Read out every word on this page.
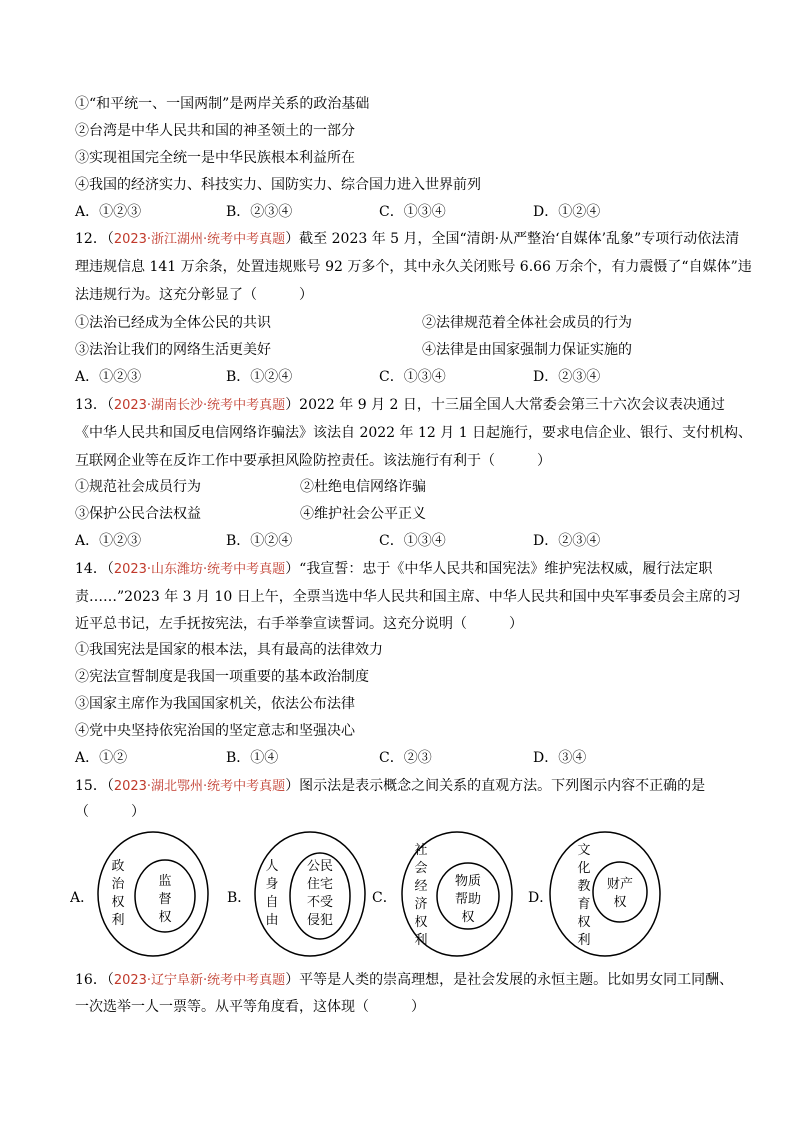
①“和平统一、一国两制”是两岸关系的政治基础
②台湾是中华人民共和国的神圣领土的一部分
③实现祖国完全统一是中华民族根本利益所在
④我国的经济实力、科技实力、国防实力、综合国力进入世界前列
A．①②③	B．②③④	C．①③④	D．①②④
12．（2023·浙江湖州·统考中考真题）截至 2023 年 5 月，全国“清朗·从严整治‘自媒体’乱象”专项行动依法清
理违规信息 141 万余条，处置违规账号 92 万多个，其中永久关闭账号 6.66 万余个，有力震慑了“自媒体”违
法违规行为。这充分彰显了（　　　）
①法治已经成为全体公民的共识	②法律规范着全体社会成员的行为
③法治让我们的网络生活更美好	④法律是由国家强制力保证实施的
A．①②③	B．①②④	C．①③④	D．②③④
13．（2023·湖南长沙·统考中考真题）2022 年 9 月 2 日，十三届全国人大常委会第三十六次会议表决通过
《中华人民共和国反电信网络诈骗法》该法自 2022 年 12 月 1 日起施行，要求电信企业、银行、支付机构、
互联网企业等在反诈工作中要承担风险防控责任。该法施行有利于（　　　）
①规范社会成员行为	②杜绝电信网络诈骗
③保护公民合法权益	④维护社会公平正义
A．①②③	B．①②④	C．①③④	D．②③④
14．（2023·山东潍坊·统考中考真题）“我宣誓：忠于《中华人民共和国宪法》维护宪法权威，履行法定职
责……”2023 年 3 月 10 日上午，全票当选中华人民共和国主席、中华人民共和国中央军事委员会主席的习
近平总书记，左手抚按宪法，右手举拳宣读誓词。这充分说明（　　　）
①我国宪法是国家的根本法，具有最高的法律效力
②宪法宣誓制度是我国一项重要的基本政治制度
③国家主席作为我国国家机关，依法公布法律
④党中央坚持依宪治国的坚定意志和坚强决心
A．①②	B．①④	C．②③	D．③④
15．（2023·湖北鄂州·统考中考真题）图示法是表示概念之间关系的直观方法。下列图示内容不正确的是
（　　　）
A．
政
治
权
利
监
督
权
B．
人
身
自
由
公民
住宅
不受
侵犯
C．
社
会
经
济
权
利
物质
帮助
权
D．
文
化
教
育
权
利
财产
权
16．（2023·辽宁阜新·统考中考真题）平等是人类的崇高理想，是社会发展的永恒主题。比如男女同工同酬、
一次选举一人一票等。从平等角度看，这体现（　　　）
